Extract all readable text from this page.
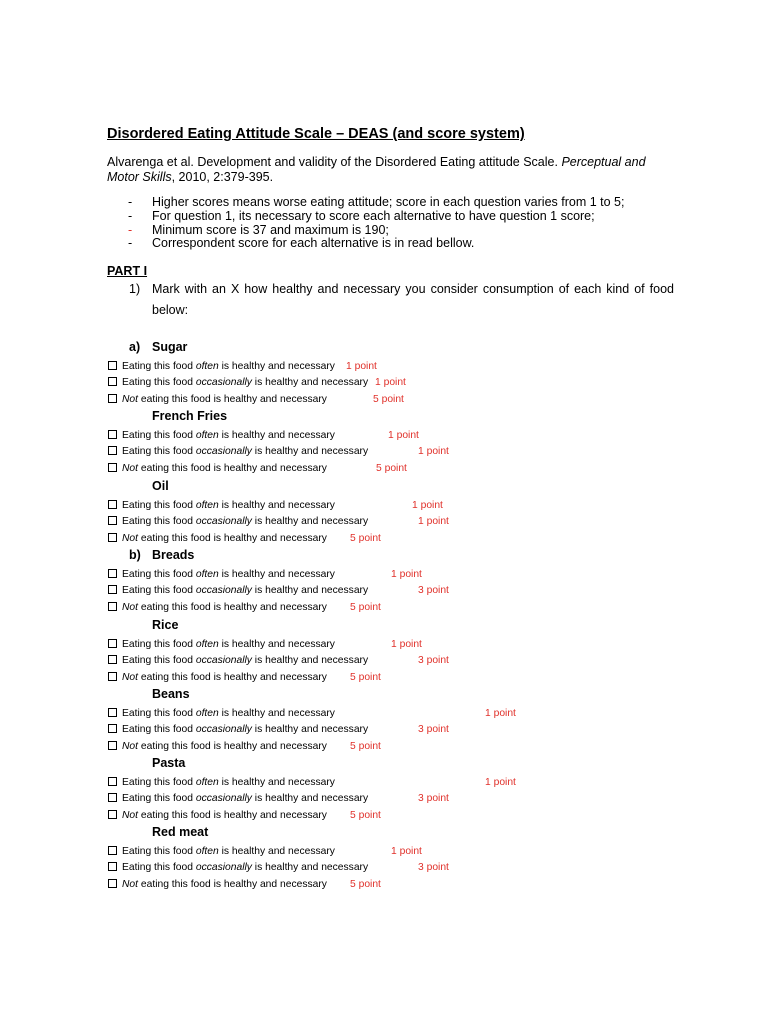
Disordered Eating Attitude Scale – DEAS (and score system)
Alvarenga et al. Development and validity of the Disordered Eating attitude Scale. Perceptual and Motor Skills, 2010, 2:379-395.
- Higher scores means worse eating attitude; score in each question varies from 1 to 5;
- For question 1, its necessary to score each alternative to have question 1 score;
- Minimum score is 37 and maximum is 190;
- Correspondent score for each alternative is in read bellow.
PART I
1) Mark with an X how healthy and necessary you consider consumption of each kind of food below:
a) Sugar
Eating this food often is healthy and necessary 1 point
Eating this food occasionally is healthy and necessary 1 point
Not eating this food is healthy and necessary	5 point
French Fries
Eating this food often is healthy and necessary	1 point
Eating this food occasionally is healthy and necessary	1 point
Not eating this food is healthy and necessary	5 point
Oil
Eating this food often is healthy and necessary	1 point
Eating this food occasionally is healthy and necessary	1 point
Not eating this food is healthy and necessary 5 point
b) Breads
Eating this food often is healthy and necessary	1 point
Eating this food occasionally is healthy and necessary	3 point
Not eating this food is healthy and necessary 5 point
Rice
Eating this food often is healthy and necessary	1 point
Eating this food occasionally is healthy and necessary	3 point
Not eating this food is healthy and necessary 5 point
Beans
Eating this food often is healthy and necessary	1 point
Eating this food occasionally is healthy and necessary	3 point
Not eating this food is healthy and necessary 5 point
Pasta
Eating this food often is healthy and necessary	1 point
Eating this food occasionally is healthy and necessary	3 point
Not eating this food is healthy and necessary 5 point
Red meat
Eating this food often is healthy and necessary	1 point
Eating this food occasionally is healthy and necessary	3 point
Not eating this food is healthy and necessary 5 point
